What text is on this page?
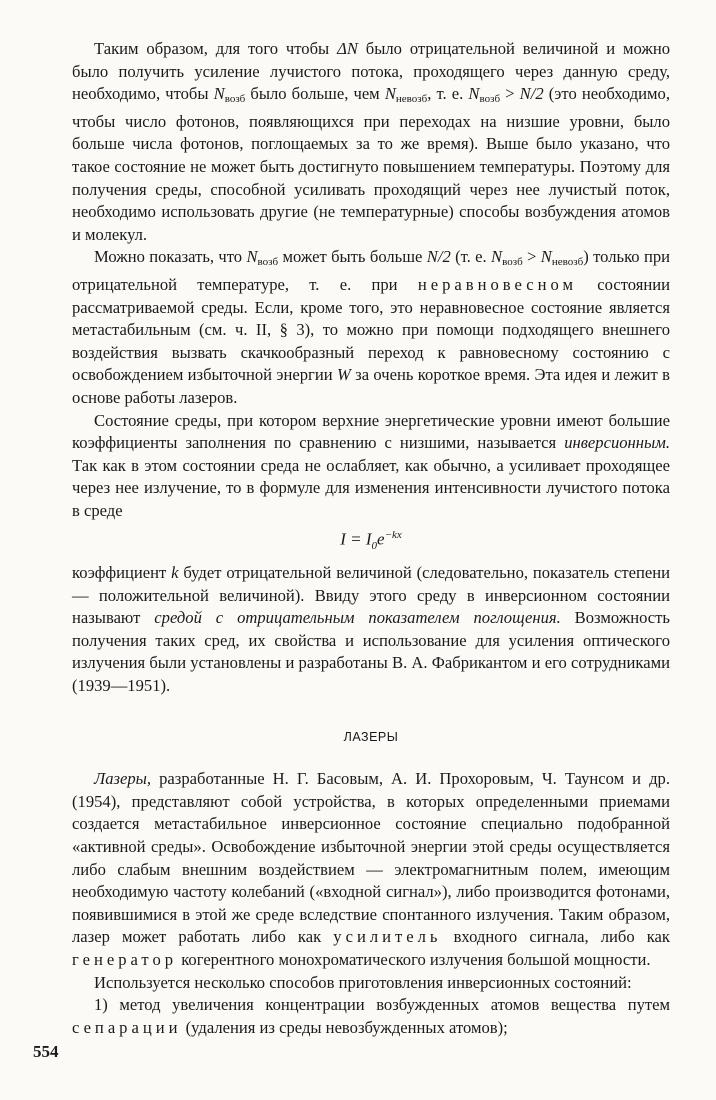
Таким образом, для того чтобы ΔN было отрицательной величиной и можно было получить усиление лучистого потока, проходящего через данную среду, необходимо, чтобы $N_{возб}$ было больше, чем $N_{невозб}$, т. е. $N_{возб} > N/2$ (это необходимо, чтобы число фотонов, появляющихся при переходах на низшие уровни, было больше числа фотонов, поглощаемых за то же время). Выше было указано, что такое состояние не может быть достигнуто повышением температуры. Поэтому для получения среды, способной усиливать проходящий через нее лучистый поток, необходимо использовать другие (не температурные) способы возбуждения атомов и молекул.

Можно показать, что $N_{возб}$ может быть больше N/2 (т. е. $N_{возб} > N_{невозб}$) только при отрицательной температуре, т. е. при неравновесном состоянии рассматриваемой среды. Если, кроме того, это неравновесное состояние является метастабильным (см. ч. II, § 3), то можно при помощи подходящего внешнего воздействия вызвать скачкообразный переход к равновесному состоянию с освобождением избыточной энергии W за очень короткое время. Эта идея и лежит в основе работы лазеров.

Состояние среды, при котором верхние энергетические уровни имеют большие коэффициенты заполнения по сравнению с низшими, называется инверсионным. Так как в этом состоянии среда не ослабляет, как обычно, а усиливает проходящее через нее излучение, то в формуле для изменения интенсивности лучистого потока в среде

$I = I_0e^{-kx}$

коэффициент k будет отрицательной величиной (следовательно, показатель степени — положительной величиной). Ввиду этого среду в инверсионном состоянии называют средой с отрицательным показателем поглощения. Возможность получения таких сред, их свойства и использование для усиления оптического излучения были установлены и разработаны В. А. Фабрикантом и его сотрудниками (1939—1951).

ЛАЗЕРЫ

Лазеры, разработанные Н. Г. Басовым, А. И. Прохоровым, Ч. Таунсом и др. (1954), представляют собой устройства, в которых определенными приемами создается метастабильное инверсионное состояние специально подобранной «активной среды». Освобождение избыточной энергии этой среды осуществляется либо слабым внешним воздействием — электромагнитным полем, имеющим необходимую частоту колебаний («входной сигнал»), либо производится фотонами, появившимися в этой же среде вследствие спонтанного излучения. Таким образом, лазер может работать либо как усилитель входного сигнала, либо как генератор когерентного монохроматического излучения большой мощности.

Используется несколько способов приготовления инверсионных состояний:

1) метод увеличения концентрации возбужденных атомов вещества путем сепарации (удаления из среды невозбужденных атомов);

554
